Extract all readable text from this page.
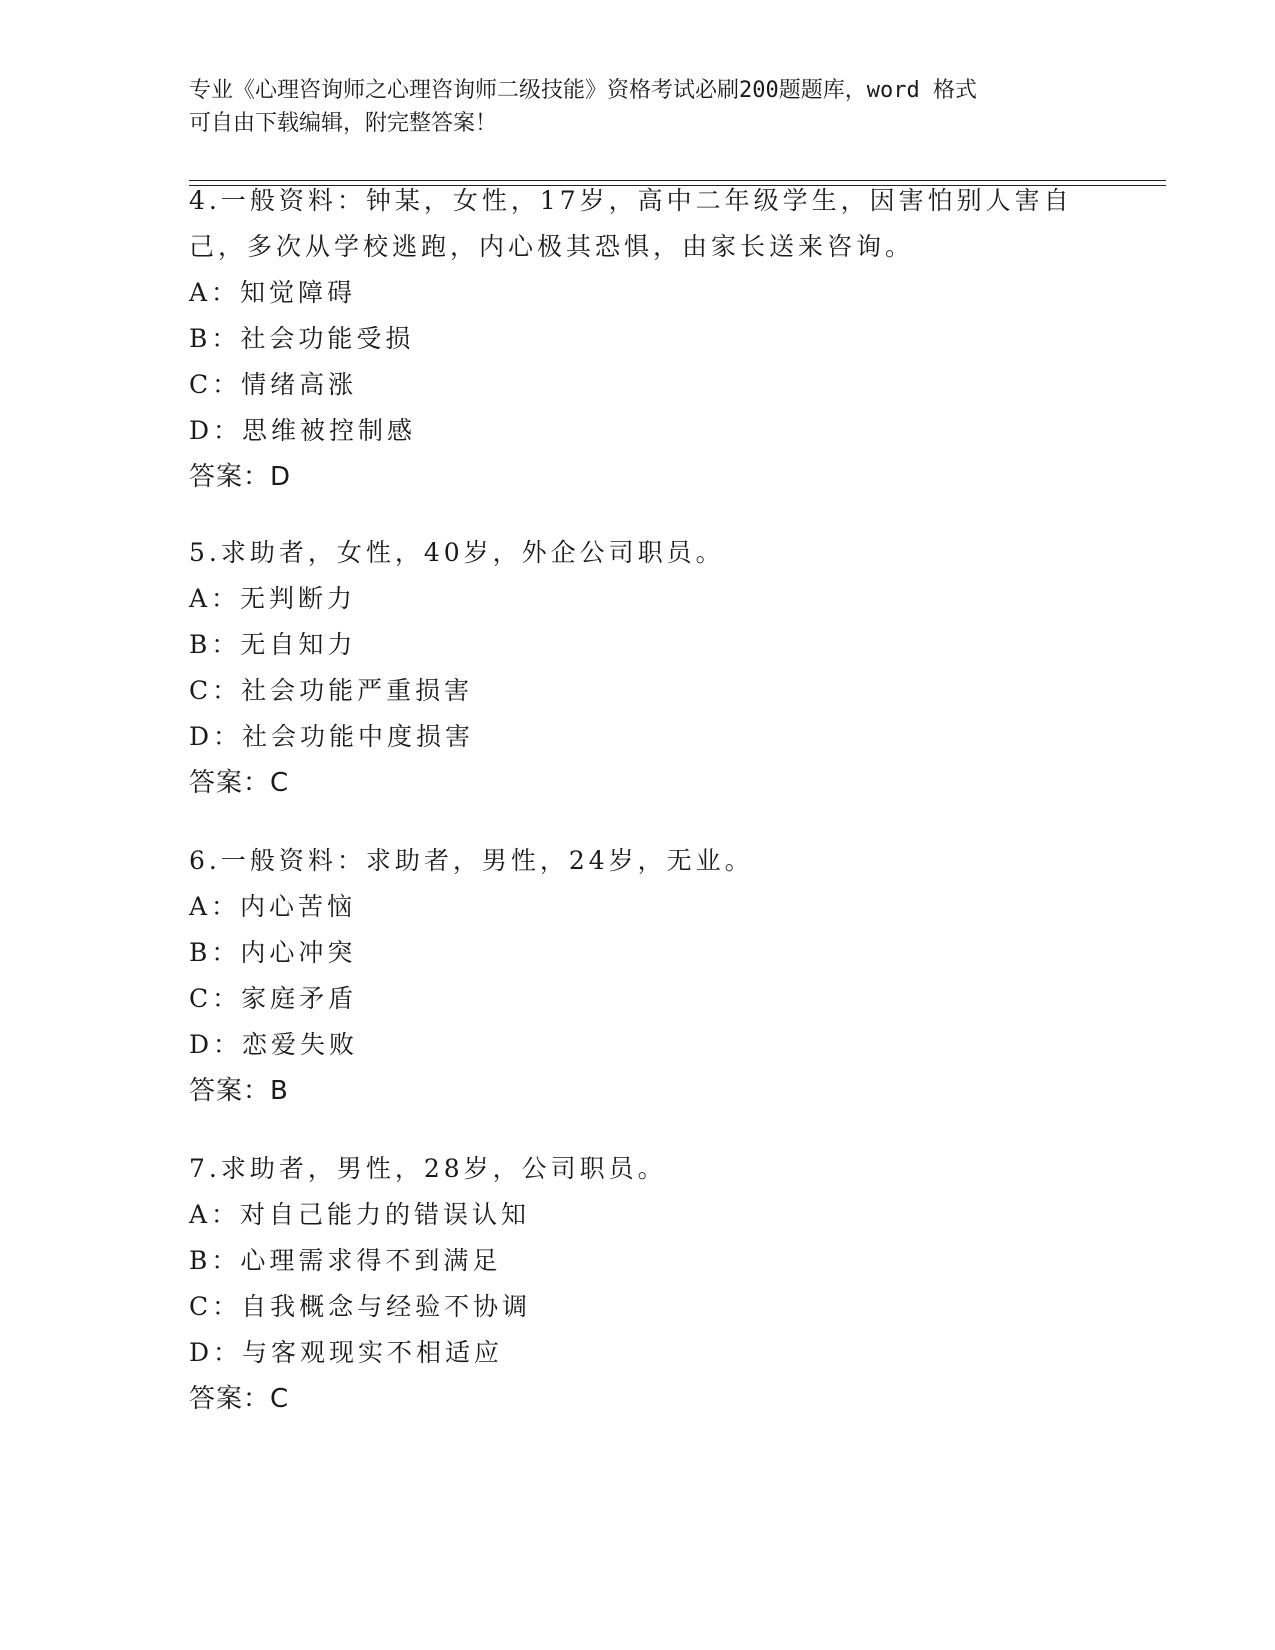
专业《心理咨询师之心理咨询师二级技能》资格考试必刷200题题库，word 格式
可自由下载编辑，附完整答案！
4.一般资料：钟某，女性，17岁，高中二年级学生，因害怕别人害自
己，多次从学校逃跑，内心极其恐惧，由家长送来咨询。
A：知觉障碍
B：社会功能受损
C：情绪高涨
D：思维被控制感
答案：D
5.求助者，女性，40岁，外企公司职员。
A：无判断力
B：无自知力
C：社会功能严重损害
D：社会功能中度损害
答案：C
6.一般资料：求助者，男性，24岁，无业。
A：内心苦恼
B：内心冲突
C：家庭矛盾
D：恋爱失败
答案：B
7.求助者，男性，28岁，公司职员。
A：对自己能力的错误认知
B：心理需求得不到满足
C：自我概念与经验不协调
D：与客观现实不相适应
答案：C
